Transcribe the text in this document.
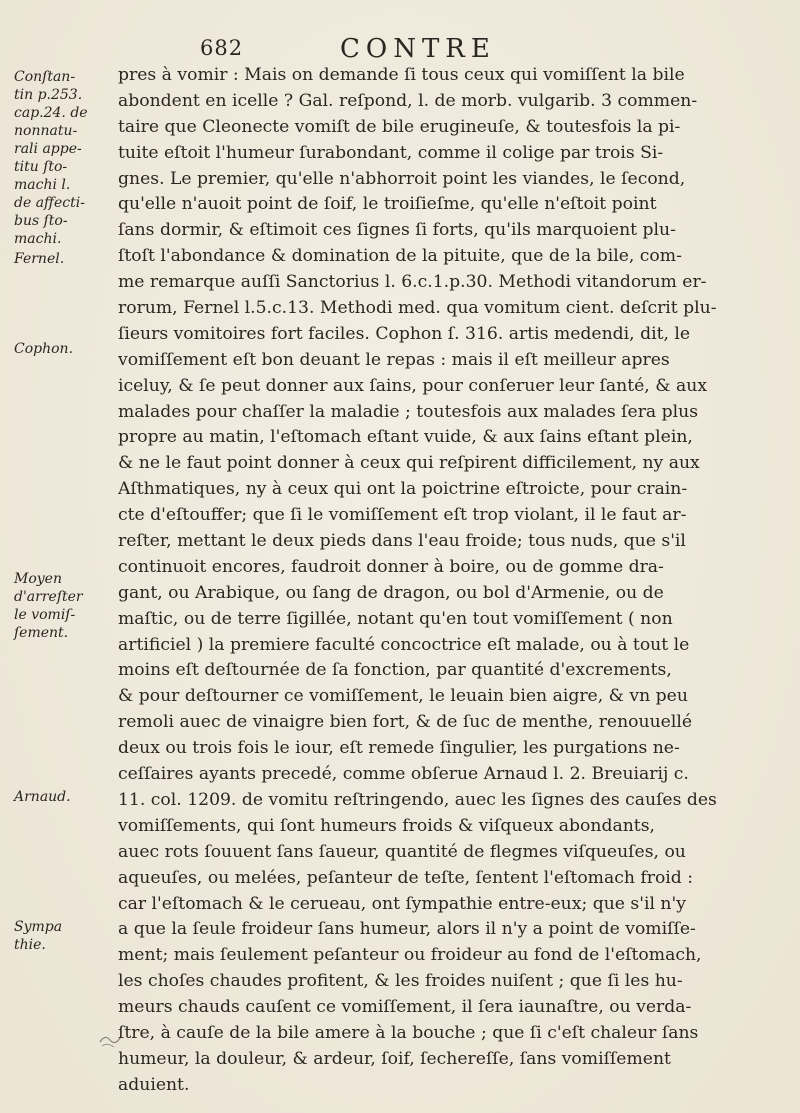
682	CONTRE
Conſtan-
tin p.253.
cap.24. de
nonnatu-
rali appe-
titu ſto-
machi l.
de affecti-
bus ſto-
machi.
Fernel.
Cophon.
Moyen
d'arreſter
le vomiſ-
ſement.
Arnaud.
Sympa
thie.
pres à vomir : Mais on demande ſi tous ceux qui vomiſſent la bile
abondent en icelle ? Gal. reſpond, l. de morb. vulgarib. 3 commen-
taire que Cleonecte vomiſt de bile erugineuſe, & toutesfois la pi-
tuite eſtoit l'humeur ſurabondant, comme il colige par trois Si-
gnes. Le premier, qu'elle n'abhorroit point les viandes, le ſecond,
qu'elle n'auoit point de ſoif, le troiſieſme, qu'elle n'eſtoit point
ſans dormir, & eſtimoit ces ſignes ſi forts, qu'ils marquoient plu-
ſtoſt l'abondance & domination de la pituite, que de la bile, com-
me remarque auſſi Sanctorius l. 6.c.1.p.30. Methodi vitandorum er-
rorum, Fernel l.5.c.13. Methodi med. qua vomitum cient. deſcrit plu-
ſieurs vomitoires fort faciles. Cophon ſ. 316. artis medendi, dit, le
vomiſſement eſt bon deuant le repas : mais il eſt meilleur apres
iceluy, & ſe peut donner aux ſains, pour conſeruer leur ſanté, & aux
malades pour chaſſer la maladie ; toutesfois aux malades ſera plus
propre au matin, l'eſtomach eſtant vuide, & aux ſains eſtant plein,
& ne le faut point donner à ceux qui reſpirent difficilement, ny aux
Aſthmatiques, ny à ceux qui ont la poictrine eſtroicte, pour crain-
cte d'eſtouffer; que ſi le vomiſſement eſt trop violant, il le faut ar-
reſter, mettant le deux pieds dans l'eau froide; tous nuds, que s'il
continuoit encores, faudroit donner à boire, ou de gomme dra-
gant, ou Arabique, ou ſang de dragon, ou bol d'Armenie, ou de
maſtic, ou de terre ſigillée, notant qu'en tout vomiſſement ( non
artificiel ) la premiere faculté concoctrice eſt malade, ou à tout le
moins eſt deſtournée de ſa fonction, par quantité d'excrements,
& pour deſtourner ce vomiſſement, le leuain bien aigre, & vn peu
remoli auec de vinaigre bien fort, & de ſuc de menthe, renouuellé
deux ou trois fois le iour, eſt remede ſingulier, les purgations ne-
ceſſaires ayants precedé, comme obſerue Arnaud l. 2. Breuiarij c.
11. col. 1209. de vomitu reſtringendo, auec les ſignes des cauſes des
vomiſſements, qui ſont humeurs froids & viſqueux abondants,
auec rots ſouuent ſans ſaueur, quantité de flegmes viſqueuſes, ou
aqueuſes, ou melées, peſanteur de teſte, ſentent l'eſtomach froid :
car l'eſtomach & le cerueau, ont ſympathie entre-eux; que s'il n'y
a que la ſeule froideur ſans humeur, alors il n'y a point de vomiſſe-
ment; mais ſeulement peſanteur ou froideur au fond de l'eſtomach,
les choſes chaudes profitent, & les froides nuiſent ; que ſi les hu-
meurs chauds cauſent ce vomiſſement, il ſera iaunaſtre, ou verda-
ſtre, à cauſe de la bile amere à la bouche ; que ſi c'eſt chaleur ſans
humeur, la douleur, & ardeur, ſoif, ſechereſſe, ſans vomiſſement
aduient.
